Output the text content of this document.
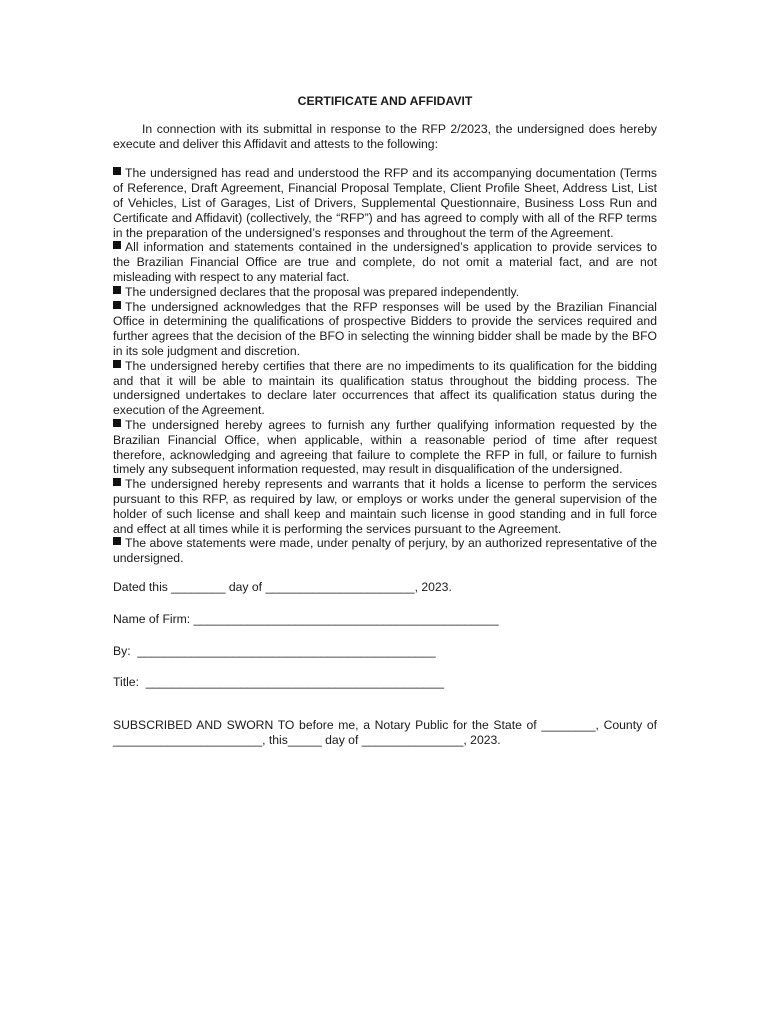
CERTIFICATE AND AFFIDAVIT

In connection with its submittal in response to the RFP 2/2023, the undersigned does hereby execute and deliver this Affidavit and attests to the following:

The undersigned has read and understood the RFP and its accompanying documentation (Terms of Reference, Draft Agreement, Financial Proposal Template, Client Profile Sheet, Address List, List of Vehicles, List of Garages, List of Drivers, Supplemental Questionnaire, Business Loss Run and Certificate and Affidavit) (collectively, the “RFP”) and has agreed to comply with all of the RFP terms in the preparation of the undersigned’s responses and throughout the term of the Agreement.

All information and statements contained in the undersigned’s application to provide services to the Brazilian Financial Office are true and complete, do not omit a material fact, and are not misleading with respect to any material fact.

The undersigned declares that the proposal was prepared independently.

The undersigned acknowledges that the RFP responses will be used by the Brazilian Financial Office in determining the qualifications of prospective Bidders to provide the services required and further agrees that the decision of the BFO in selecting the winning bidder shall be made by the BFO in its sole judgment and discretion.

The undersigned hereby certifies that there are no impediments to its qualification for the bidding and that it will be able to maintain its qualification status throughout the bidding process. The undersigned undertakes to declare later occurrences that affect its qualification status during the execution of the Agreement.

The undersigned hereby agrees to furnish any further qualifying information requested by the Brazilian Financial Office, when applicable, within a reasonable period of time after request therefore, acknowledging and agreeing that failure to complete the RFP in full, or failure to furnish timely any subsequent information requested, may result in disqualification of the undersigned.

The undersigned hereby represents and warrants that it holds a license to perform the services pursuant to this RFP, as required by law, or employs or works under the general supervision of the holder of such license and shall keep and maintain such license in good standing and in full force and effect at all times while it is performing the services pursuant to the Agreement.

The above statements were made, under penalty of perjury, by an authorized representative of the undersigned.

Dated this ________ day of ______________________, 2023.

Name of Firm: _____________________________________________

By:  ____________________________________________

Title:  ____________________________________________

SUBSCRIBED AND SWORN TO before me, a Notary Public for the State of ________, County of ______________________, this_____ day of _______________, 2023.
